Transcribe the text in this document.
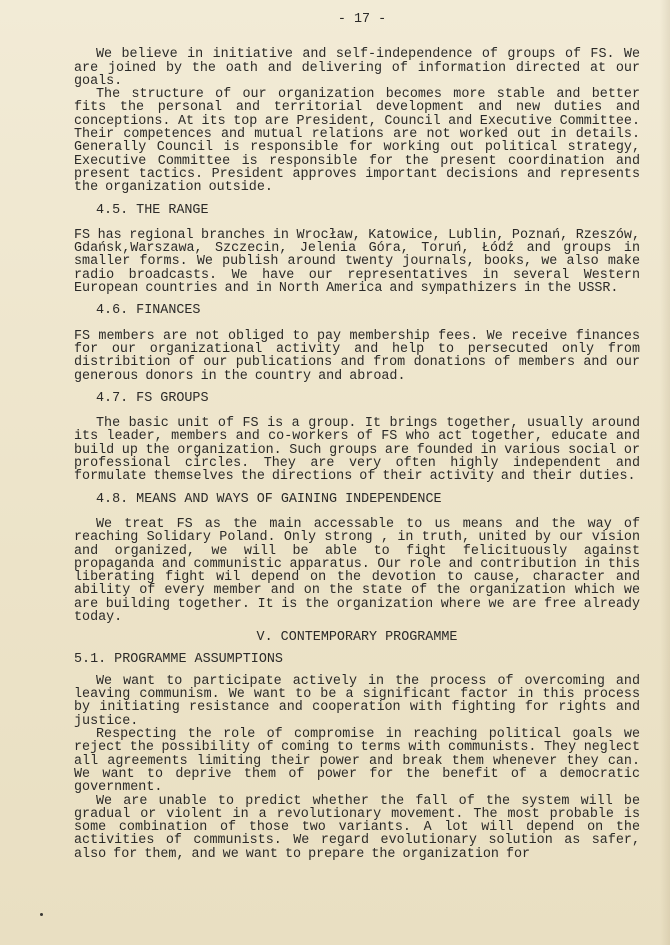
- 17 -

We believe in initiative and self-independence of groups of FS. We are joined by the oath and delivering of information directed at our goals.

The structure of our organization becomes more stable and better fits the personal and territorial development and new duties and conceptions. At its top are President, Council and Executive Committee. Their competences and mutual relations are not worked out in details. Generally Council is responsible for working out political strategy, Executive Committee is responsible for the present coordination and present tactics. President approves important decisions and represents the organization outside.

4.5. THE RANGE

FS has regional branches in Wrocław, Katowice, Lublin, Poznań, Rzeszów, Gdańsk,Warszawa, Szczecin, Jelenia Góra, Toruń, Łódź and groups in smaller forms. We publish around twenty journals, books, we also make radio broadcasts. We have our representatives in several Western European countries and in North America and sympathizers in the USSR.

4.6. FINANCES

FS members are not obliged to pay membership fees. We receive finances for our organizational activity and help to persecuted only from distribition of our publications and from donations of members and our generous donors in the country and abroad.

4.7. FS GROUPS

The basic unit of FS is a group. It brings together, usually around its leader, members and co-workers of FS who act together, educate and build up the organization. Such groups are founded in various social or professional circles. They are very often highly independent and formulate themselves the directions of their activity and their duties.

4.8. MEANS AND WAYS OF GAINING INDEPENDENCE

We treat FS as the main accessable to us means and the way of reaching Solidary Poland. Only strong , in truth, united by our vision and organized, we will be able to fight felicituously against propaganda and communistic apparatus. Our role and contribution in this liberating fight wil depend on the devotion to cause, character and ability of every member and on the state of the organization which we are building together. It is the organization where we are free already today.

V. CONTEMPORARY PROGRAMME
5.1. PROGRAMME ASSUMPTIONS

We want to participate actively in the process of overcoming and leaving communism. We want to be a significant factor in this process by initiating resistance and cooperation with fighting for rights and justice.

Respecting the role of compromise in reaching political goals we reject the possibility of coming to terms with communists. They neglect all agreements limiting their power and break them whenever they can. We want to deprive them of power for the benefit of a democratic government.

We are unable to predict whether the fall of the system will be gradual or violent in a revolutionary movement. The most probable is some combination of those two variants. A lot will depend on the activities of communists. We regard evolutionary solution as safer, also for them, and we want to prepare the organization for
